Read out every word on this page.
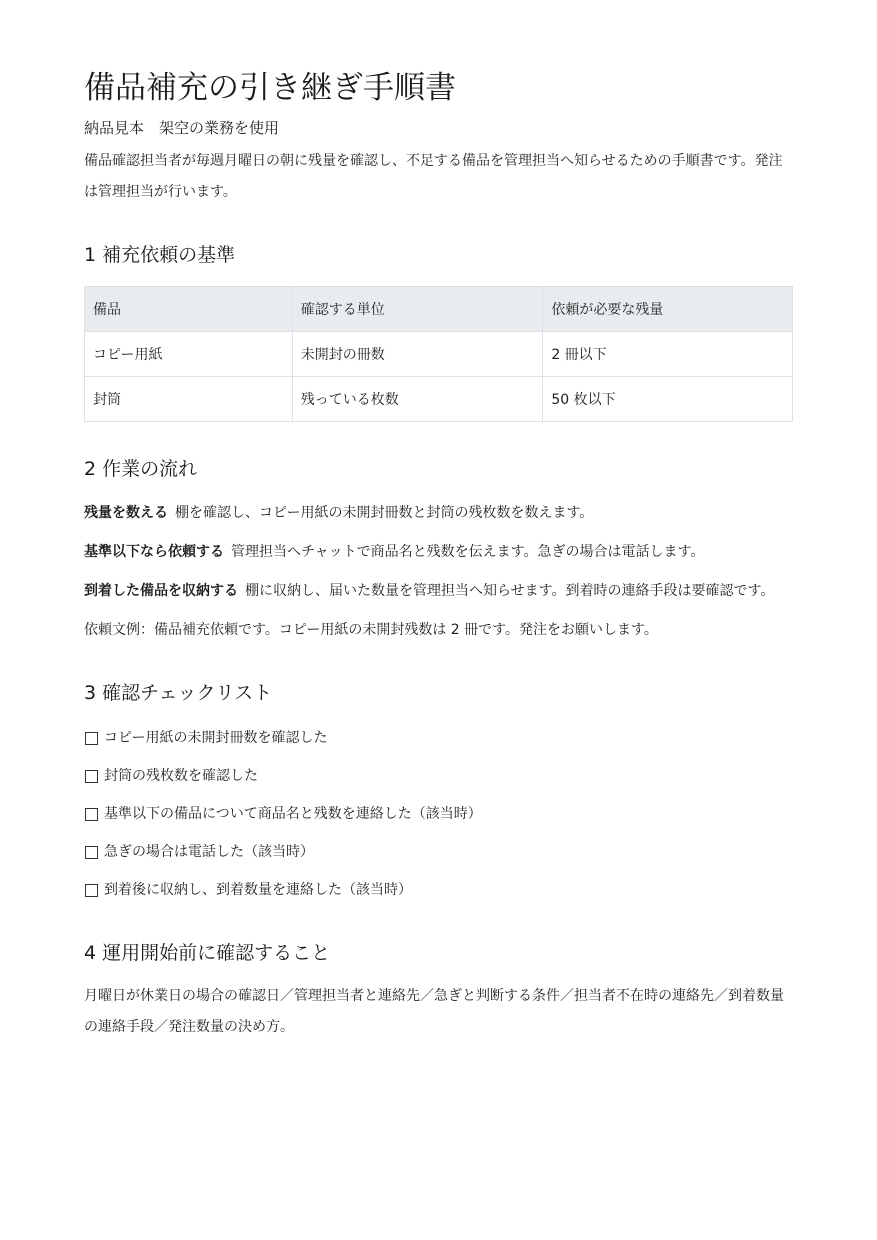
備品補充の引き継ぎ手順書
納品見本　架空の業務を使用
備品確認担当者が毎週月曜日の朝に残量を確認し、不足する備品を管理担当へ知らせるための手順書です。発注は管理担当が行います。
1 補充依頼の基準
備品	確認する単位	依頼が必要な残量
コピー用紙	未開封の冊数	2 冊以下
封筒	残っている枚数	50 枚以下
2 作業の流れ
残量を数える 棚を確認し、コピー用紙の未開封冊数と封筒の残枚数を数えます。
基準以下なら依頼する 管理担当へチャットで商品名と残数を伝えます。急ぎの場合は電話します。
到着した備品を収納する 棚に収納し、届いた数量を管理担当へ知らせます。到着時の連絡手段は要確認です。
依頼文例：備品補充依頼です。コピー用紙の未開封残数は 2 冊です。発注をお願いします。
3 確認チェックリスト
コピー用紙の未開封冊数を確認した
封筒の残枚数を確認した
基準以下の備品について商品名と残数を連絡した（該当時）
急ぎの場合は電話した（該当時）
到着後に収納し、到着数量を連絡した（該当時）
4 運用開始前に確認すること
月曜日が休業日の場合の確認日／管理担当者と連絡先／急ぎと判断する条件／担当者不在時の連絡先／到着数量の連絡手段／発注数量の決め方。
